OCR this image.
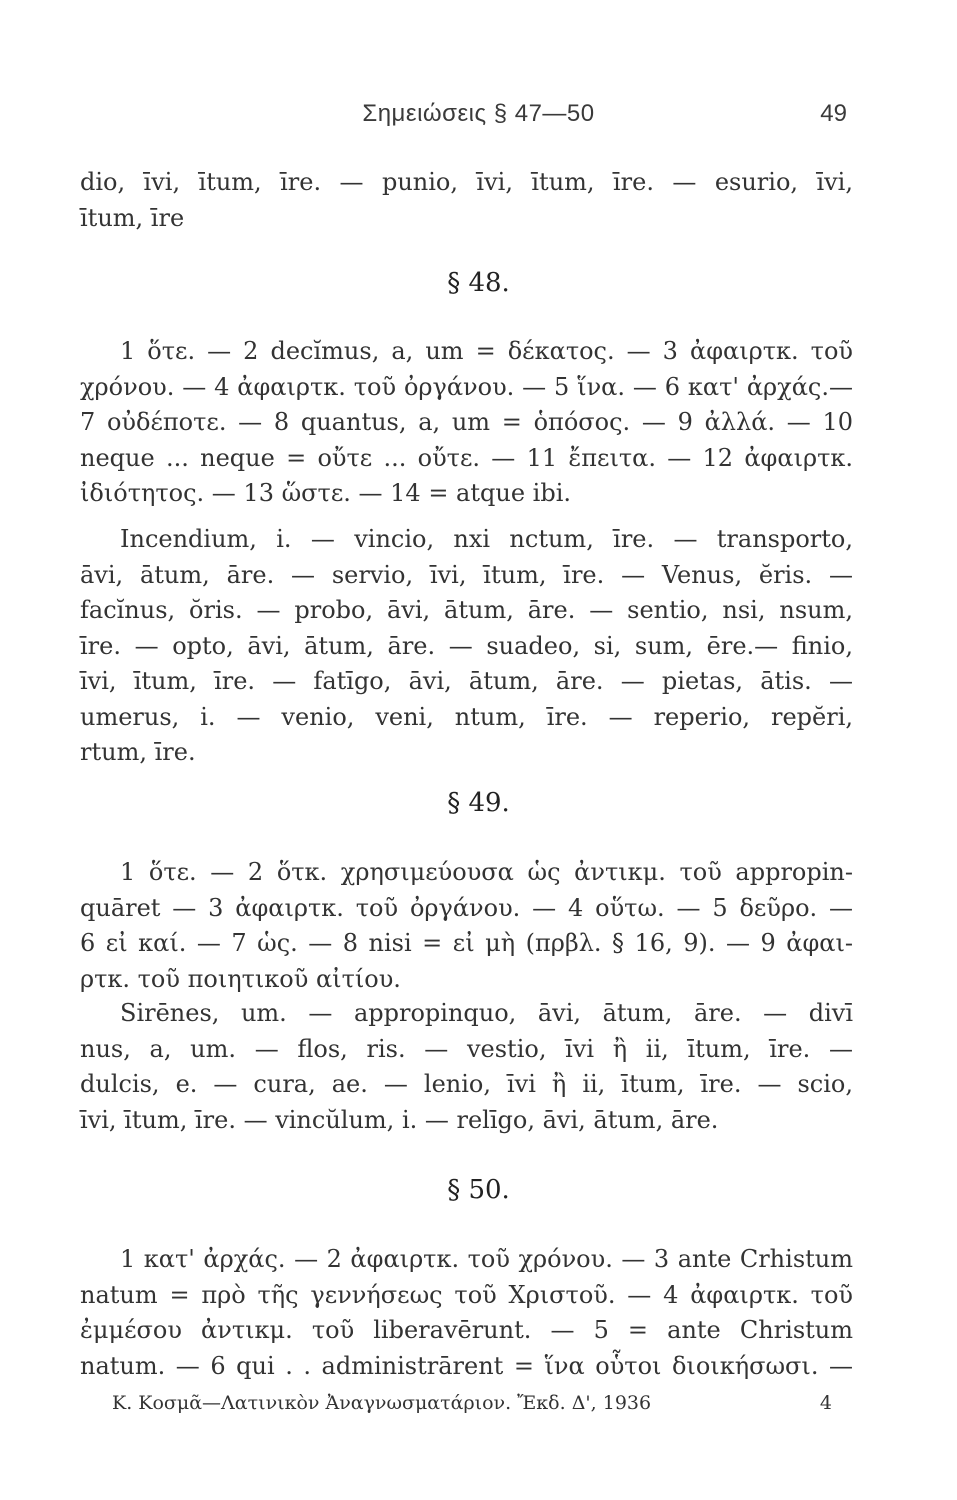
Σημειώσεις § 47—50	49
dio, īvi, ītum, īre. — punio, īvi, ītum, īre. — esurio, īvi,
ītum, īre
§ 48.
1 ὅτε. — 2 decĭmus, a, um = δέκατος. — 3 ἀφαιρτκ. τοῦ
χρόνου. — 4 ἀφαιρτκ. τοῦ ὀργάνου. — 5 ἵνα. — 6 κατ' ἀρχάς.—
7 οὐδέποτε. — 8 quantus, a, um = ὁπόσος. — 9 ἀλλά. — 10
neque ... neque = οὔτε ... οὔτε. — 11 ἔπειτα. — 12 ἀφαιρτκ.
ἰδιότητος. — 13 ὥστε. — 14 = atque ibi.
Incendium, i. — vincio, nxi nctum, īre. — transporto,
āvi, ātum, āre. — servio, īvi, ītum, īre. — Venus, ĕris. —
facĭnus, ŏris. — probo, āvi, ātum, āre. — sentio, nsi, nsum,
īre. — opto, āvi, ātum, āre. — suadeo, si, sum, ēre.— finio,
īvi, ītum, īre. — fatīgo, āvi, ātum, āre. — pietas, ātis. —
umerus, i. — venio, veni, ntum, īre. — reperio, repĕri,
rtum, īre.
§ 49.
1 ὅτε. — 2 ὅτκ. χρησιμεύουσα ὡς ἀντικμ. τοῦ appropin-
quāret — 3 ἀφαιρτκ. τοῦ ὀργάνου. — 4 οὕτω. — 5 δεῦρο. —
6 εἰ καί. — 7 ὡς. — 8 nisi = εἰ μὴ (πρβλ. § 16, 9). — 9 ἀφαι-
ρτκ. τοῦ ποιητικοῦ αἰτίου.
Sirēnes, um. — appropinquo, āvi, ātum, āre. — divī
nus, a, um. — flos, ris. — vestio, īvi ἢ ii, ītum, īre. —
dulcis, e. — cura, ae. — lenio, īvi ἢ ii, ītum, īre. — scio,
īvi, ītum, īre. — vincŭlum, i. — relīgo, āvi, ātum, āre.
§ 50.
1 κατ' ἀρχάς. — 2 ἀφαιρτκ. τοῦ χρόνου. — 3 ante Crhistum
natum = πρὸ τῆς γεννήσεως τοῦ Χριστοῦ. — 4 ἀφαιρτκ. τοῦ
ἐμμέσου ἀντικμ. τοῦ liberavērunt. — 5 = ante Christum
natum. — 6 qui . . administrārent = ἵνα οὗτοι διοικήσωσι. —
Κ. Κοσμᾶ—Λατινικὸν Ἀναγνωσματάριον. Ἔκδ. Δ', 1936	4
